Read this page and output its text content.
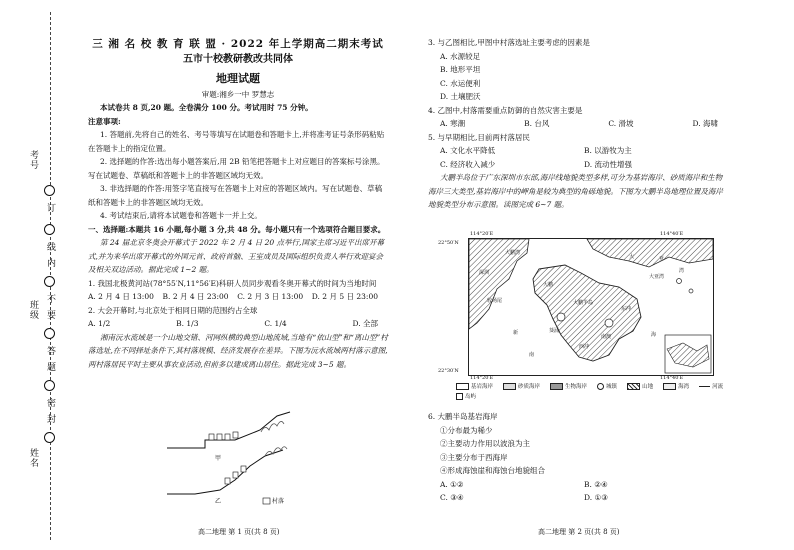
考号
班级
姓名
订
线
内
不
要
答
题
密
封
三 湘 名 校 教 育 联 盟 · 2022 年上学期高二期末考试
五市十校教研教改共同体
地理试题
审题:湘乡一中 罗慧志
本试卷共 8 页,20 题。全卷满分 100 分。考试用时 75 分钟。
注意事项:
1. 答题前,先将自己的姓名、考号等填写在试题卷和答题卡上,并将准考证号条形码粘贴在答题卡上的指定位置。
2. 选择题的作答:选出每小题答案后,用 2B 铅笔把答题卡上对应题目的答案标号涂黑。写在试题卷、草稿纸和答题卡上的非答题区域均无效。
3. 非选择题的作答:用签字笔直接写在答题卡上对应的答题区域内。写在试题卷、草稿纸和答题卡上的非答题区域均无效。
4. 考试结束后,请将本试题卷和答题卡一并上交。
一、选择题:本题共 16 小题,每小题 3 分,共 48 分。每小题只有一个选项符合题目要求。
第 24 届北京冬奥会开幕式于 2022 年 2 月 4 日 20 点举行,国家主席习近平出席开幕式,并为来华出席开幕式的外国元首、政府首脑、王室成员及国际组织负责人举行欢迎宴会及相关双边活动。据此完成 1~2 题。
1. 我国北极黄河站(78°55′N,11°56′E)科研人员同步观看冬奥开幕式的时间为当地时间
A. 2 月 4 日 13:00 B. 2 月 4 日 23:00 C. 2 月 3 日 13:00 D. 2 月 5 日 23:00
2. 大会开幕时,与北京处于相同日期的范围约占全球
A. 1/2	B. 1/3	C. 1/4	D. 全部
湘南沅水流域是一个山地交错、河网纵横的典型山地流域,当地有“依山型”和“离山型”村落选址,在不同择址条件下,其村落规模、经济发展存在差异。下图为沅水流域两村落示意图,两村落居民平时主要从事农业活动,但前多以建成离山居住。据此完成 3~5 题。
甲
乙	村落
3. 与乙图相比,甲图中村落选址主要考虑的因素是
A. 水源较足
B. 地形平坦
C. 水运便利
D. 土壤肥沃
4. 乙图中,村落需要重点防御的自然灾害主要是
A. 寒潮	B. 台风	C. 滑坡	D. 海啸
5. 与早期相比,目前两村落居民
A. 文化水平降低	B. 以游牧为主
C. 经济收入减少	D. 流动性增强
大鹏半岛位于广东深圳市东部,海岸线地貌类型多样,可分为基岩海岸、砂质海岸和生物海岸三大类型,基岩海岸中的岬角是较为典型的角砾地貌。下图为大鹏半岛地理位置及海岸地貌类型分布示意图。读图完成 6~7 题。
大鹏湾
大亚湾
大鹏
深圳
南澳
大鹏半岛
葵涌
东冲
西冲
较场尾
新
大	亚
湾
海
南
114°20′E	114°40′E
22°50′N
22°30′N
114°20′E	114°40′E
基岩海岸	砂质海岸	生物海岸	城镇	山地	海湾	河流
岛屿
6. 大鹏半岛基岩海岸
①分布最为稀少
②主要动力作用以波浪为主
③主要分布于西海岸
④形成海蚀崖和海蚀台地貌组合
A. ①②	B. ②④
C. ③④	D. ①③
高二地理 第 1 页(共 8 页)	高二地理 第 2 页(共 8 页)
